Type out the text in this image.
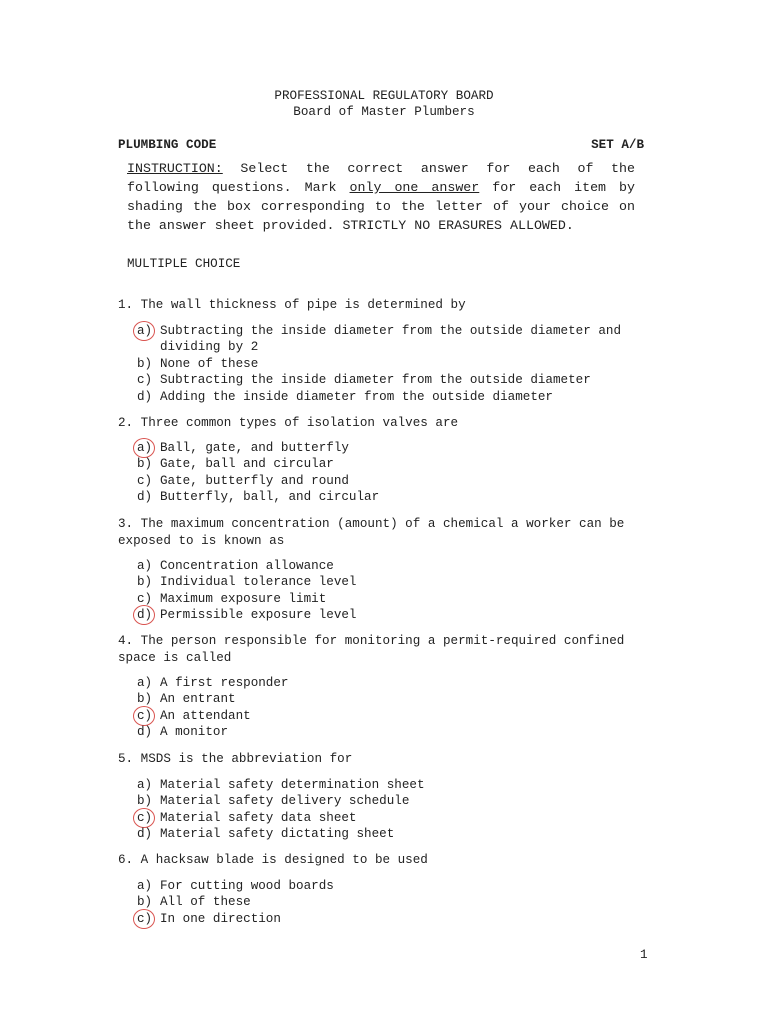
PROFESSIONAL REGULATORY BOARD
Board of Master Plumbers
PLUMBING CODE	SET A/B
INSTRUCTION: Select the correct answer for each of the following questions. Mark only one answer for each item by shading the box corresponding to the letter of your choice on the answer sheet provided. STRICTLY NO ERASURES ALLOWED.
MULTIPLE CHOICE
1. The wall thickness of pipe is determined by
a) Subtracting the inside diameter from the outside diameter and dividing by 2
b) None of these
c) Subtracting the inside diameter from the outside diameter
d) Adding the inside diameter from the outside diameter
2. Three common types of isolation valves are
a) Ball, gate, and butterfly
b) Gate, ball and circular
c) Gate, butterfly and round
d) Butterfly, ball, and circular
3. The maximum concentration (amount) of a chemical a worker can be exposed to is known as
a) Concentration allowance
b) Individual tolerance level
c) Maximum exposure limit
d) Permissible exposure level
4. The person responsible for monitoring a permit-required confined space is called
a) A first responder
b) An entrant
c) An attendant
d) A monitor
5. MSDS is the abbreviation for
a) Material safety determination sheet
b) Material safety delivery schedule
c) Material safety data sheet
d) Material safety dictating sheet
6. A hacksaw blade is designed to be used
a) For cutting wood boards
b) All of these
c) In one direction
1
